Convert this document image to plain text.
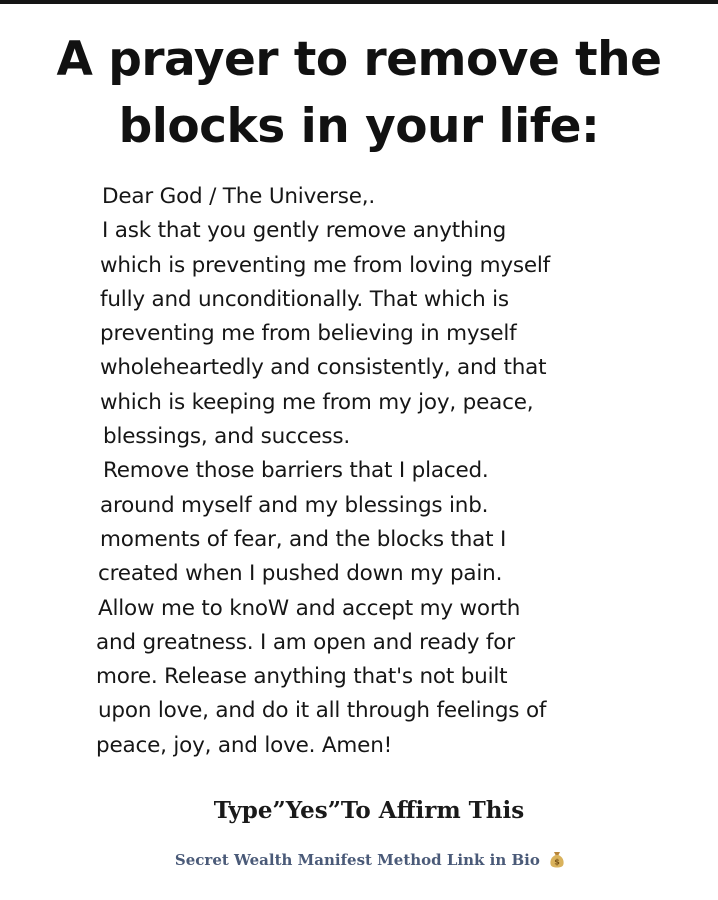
A prayer to remove the
blocks in your life:
Dear God / The Universe,.
I ask that you gently remove anything
which is preventing me from loving myself
fully and unconditionally. That which is
preventing me from believing in myself
wholeheartedly and consistently, and that
which is keeping me from my joy, peace,
blessings, and success.
Remove those barriers that I placed.
around myself and my blessings inb.
moments of fear, and the blocks that I
created when I pushed down my pain.
Allow me to knoW and accept my worth
and greatness. I am open and ready for
more. Release anything that's not built
upon love, and do it all through feelings of
peace, joy, and love. Amen!
Type”Yes”To Affirm This
Secret Wealth Manifest Method Link in Bio $
